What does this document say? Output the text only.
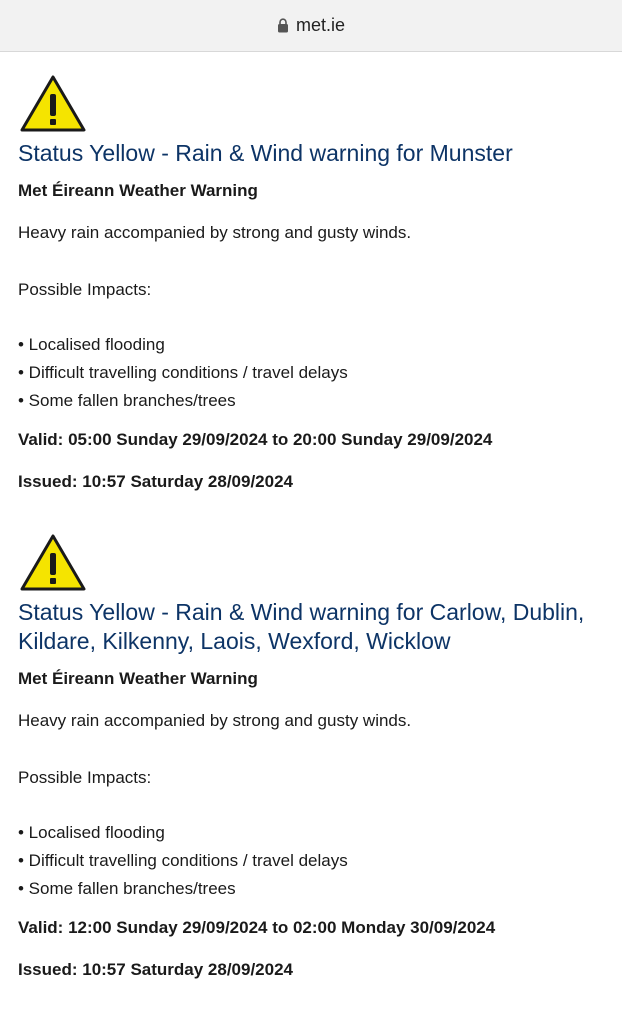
met.ie
Status Yellow - Rain & Wind warning for Munster

Met Éireann Weather Warning

Heavy rain accompanied by strong and gusty winds.

Possible Impacts:

• Localised flooding
• Difficult travelling conditions / travel delays
• Some fallen branches/trees

Valid: 05:00 Sunday 29/09/2024 to 20:00 Sunday 29/09/2024

Issued: 10:57 Saturday 28/09/2024

Status Yellow - Rain & Wind warning for Carlow, Dublin, Kildare, Kilkenny, Laois, Wexford, Wicklow

Met Éireann Weather Warning

Heavy rain accompanied by strong and gusty winds.

Possible Impacts:

• Localised flooding
• Difficult travelling conditions / travel delays
• Some fallen branches/trees

Valid: 12:00 Sunday 29/09/2024 to 02:00 Monday 30/09/2024

Issued: 10:57 Saturday 28/09/2024
